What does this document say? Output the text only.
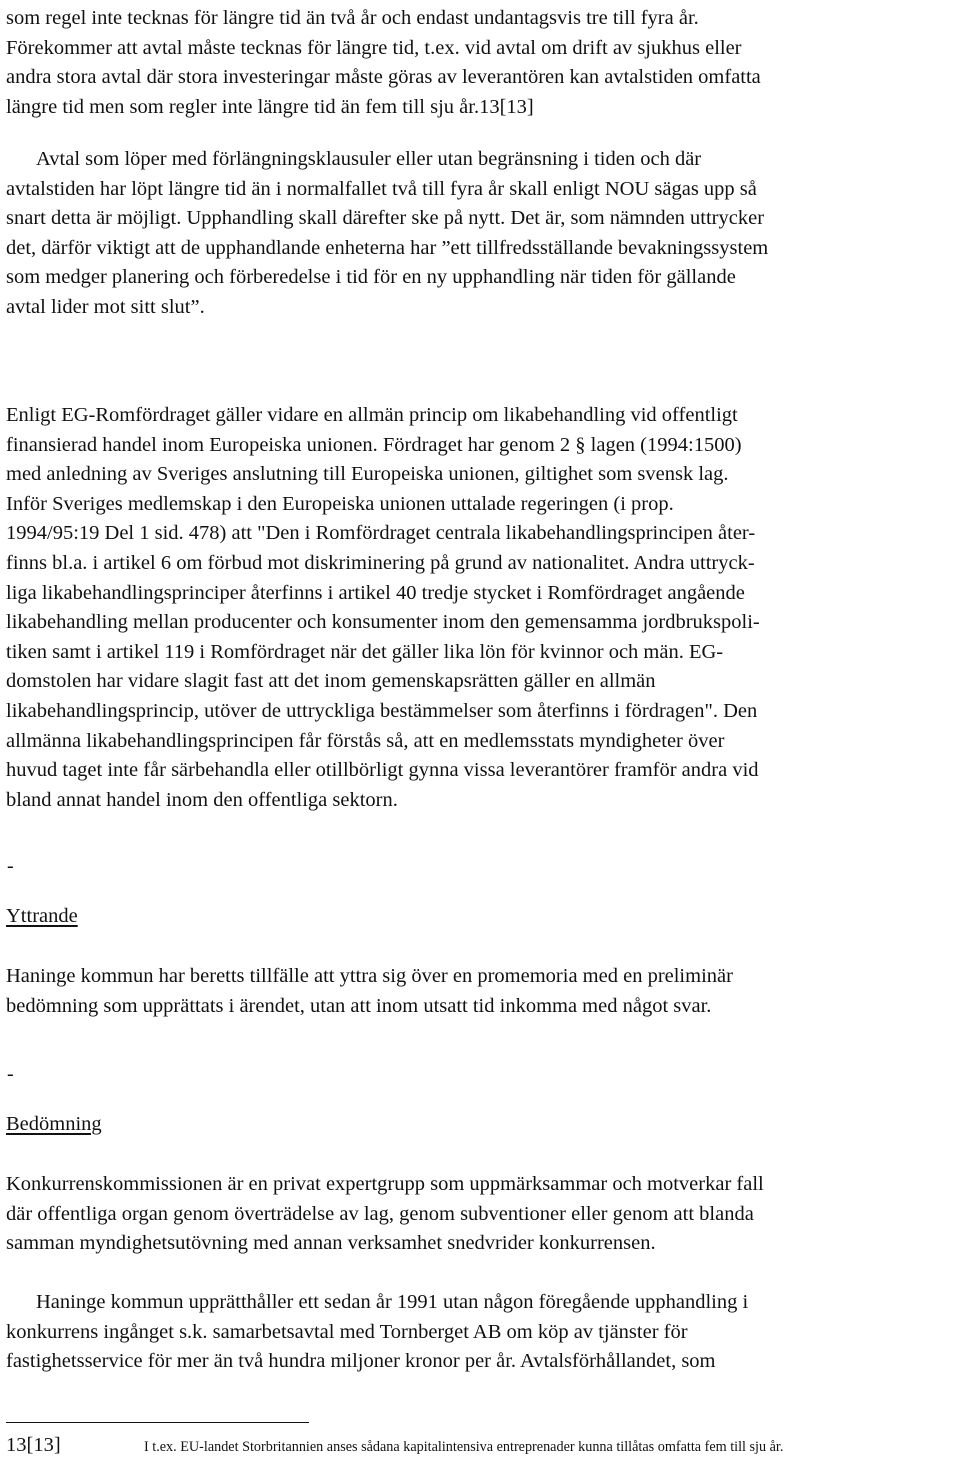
som regel inte tecknas för längre tid än två år och endast undantagsvis tre till fyra år.
Förekommer att avtal måste tecknas för längre tid, t.ex. vid avtal om drift av sjukhus eller
andra stora avtal där stora investeringar måste göras av leverantören kan avtalstiden omfatta
längre tid men som regler inte längre tid än fem till sju år.13[13]
Avtal som löper med förlängningsklausuler eller utan begränsning i tiden och där
avtalstiden har löpt längre tid än i normalfallet två till fyra år skall enligt NOU sägas upp så
snart detta är möjligt. Upphandling skall därefter ske på nytt. Det är, som nämnden uttrycker
det, därför viktigt att de upphandlande enheterna har ”ett tillfredsställande bevakningssystem
som medger planering och förberedelse i tid för en ny upphandling när tiden för gällande
avtal lider mot sitt slut”.
Enligt EG-Romfördraget gäller vidare en allmän princip om likabehandling vid offentligt
finansierad handel inom Europeiska unionen. Fördraget har genom 2 § lagen (1994:1500)
med anledning av Sveriges anslutning till Europeiska unionen, giltighet som svensk lag.
Inför Sveriges medlemskap i den Europeiska unionen uttalade regeringen (i prop.
1994/95:19 Del 1 sid. 478) att "Den i Romfördraget centrala likabehandlingsprincipen åter-
finns bl.a. i artikel 6 om förbud mot diskriminering på grund av nationalitet. Andra uttryck-
liga likabehandlingsprinciper återfinns i artikel 40 tredje stycket i Romfördraget angående
likabehandling mellan producenter och konsumenter inom den gemensamma jordbrukspoli-
tiken samt i artikel 119 i Romfördraget när det gäller lika lön för kvinnor och män. EG-
domstolen har vidare slagit fast att det inom gemenskapsrätten gäller en allmän
likabehandlingsprincip, utöver de uttryckliga bestämmelser som återfinns i fördragen". Den
allmänna likabehandlingsprincipen får förstås så, att en medlemsstats myndigheter över
huvud taget inte får särbehandla eller otillbörligt gynna vissa leverantörer framför andra vid
bland annat handel inom den offentliga sektorn.
-
Yttrande
Haninge kommun har beretts tillfälle att yttra sig över en promemoria med en preliminär
bedömning som upprättats i ärendet, utan att inom utsatt tid inkomma med något svar.
-
Bedömning
Konkurrenskommissionen är en privat expertgrupp som uppmärksammar och motverkar fall
där offentliga organ genom överträdelse av lag, genom subventioner eller genom att blanda
samman myndighetsutövning med annan verksamhet snedvrider konkurrensen.
Haninge kommun upprätthåller ett sedan år 1991 utan någon föregående upphandling i
konkurrens ingånget s.k. samarbetsavtal med Tornberget AB om köp av tjänster för
fastighetsservice för mer än två hundra miljoner kronor per år. Avtalsförhållandet, som
13[13]	I t.ex. EU-landet Storbritannien anses sådana kapitalintensiva entreprenader kunna tillåtas omfatta fem till sju år.
